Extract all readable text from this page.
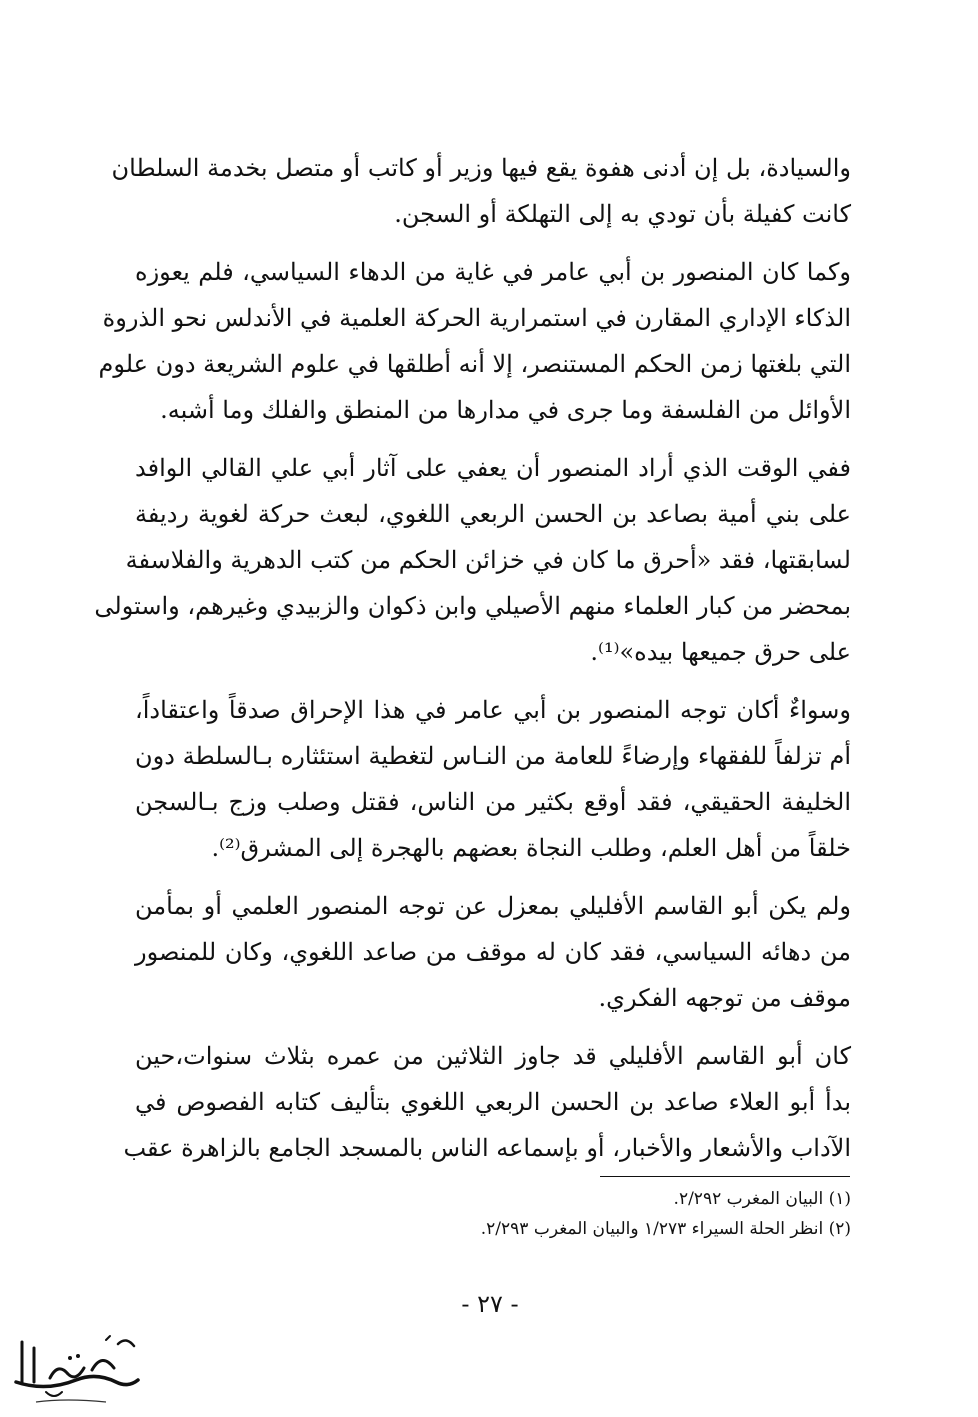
والسيادة، بل إن أدنى هفوة يقع فيها وزير أو كاتب أو متصل بخدمة السلطان
كانت كفيلة بأن تودي به إلى التهلكة أو السجن.
وكما كان المنصور بن أبي عامر في غاية من الدهاء السياسي، فلم يعوزه
الذكاء الإداري المقارن في استمرارية الحركة العلمية في الأندلس نحو الذروة
التي بلغتها زمن الحكم المستنصر، إلا أنه أطلقها في علوم الشريعة دون علوم
الأوائل من الفلسفة وما جرى في مدارها من المنطق والفلك وما أشبه.
ففي الوقت الذي أراد المنصور أن يعفي على آثار أبي علي القالي الوافد
على بني أمية بصاعد بن الحسن الربعي اللغوي، لبعث حركة لغوية رديفة
لسابقتها، فقد «أحرق ما كان في خزائن الحكم من كتب الدهرية والفلاسفة
بمحضر من كبار العلماء منهم الأصيلي وابن ذكوان والزبيدي وغيرهم، واستولى
على حرق جميعها بيده»⁽¹⁾.
وسواءٌ أكان توجه المنصور بن أبي عامر في هذا الإحراق صدقاً واعتقاداً،
أم تزلفاً للفقهاء وإرضاءً للعامة من النـاس لتغطية استئثاره بـالسلطة دون
الخليفة الحقيقي، فقد أوقع بكثير من الناس، فقتل وصلب وزج بـالسجن
خلقاً من أهل العلم، وطلب النجاة بعضهم بالهجرة إلى المشرق⁽²⁾.
ولم يكن أبو القاسم الأفليلي بمعزل عن توجه المنصور العلمي أو بمأمن
من دهائه السياسي، فقد كان له موقف من صاعد اللغوي، وكان للمنصور
موقف من توجهه الفكري.
كان أبو القاسم الأفليلي قد جاوز الثلاثين من عمره بثلاث سنوات،حين
بدأ أبو العلاء صاعد بن الحسن الربعي اللغوي بتأليف كتابه الفصوص في
الآداب والأشعار والأخبار، أو بإسماعه الناس بالمسجد الجامع بالزاهرة عقب
(١) البيان المغرب ٢/٢٩٢.
(٢) انظر الحلة السيراء ١/٢٧٣ والبيان المغرب ٢/٢٩٣.
- ٢٧ -
